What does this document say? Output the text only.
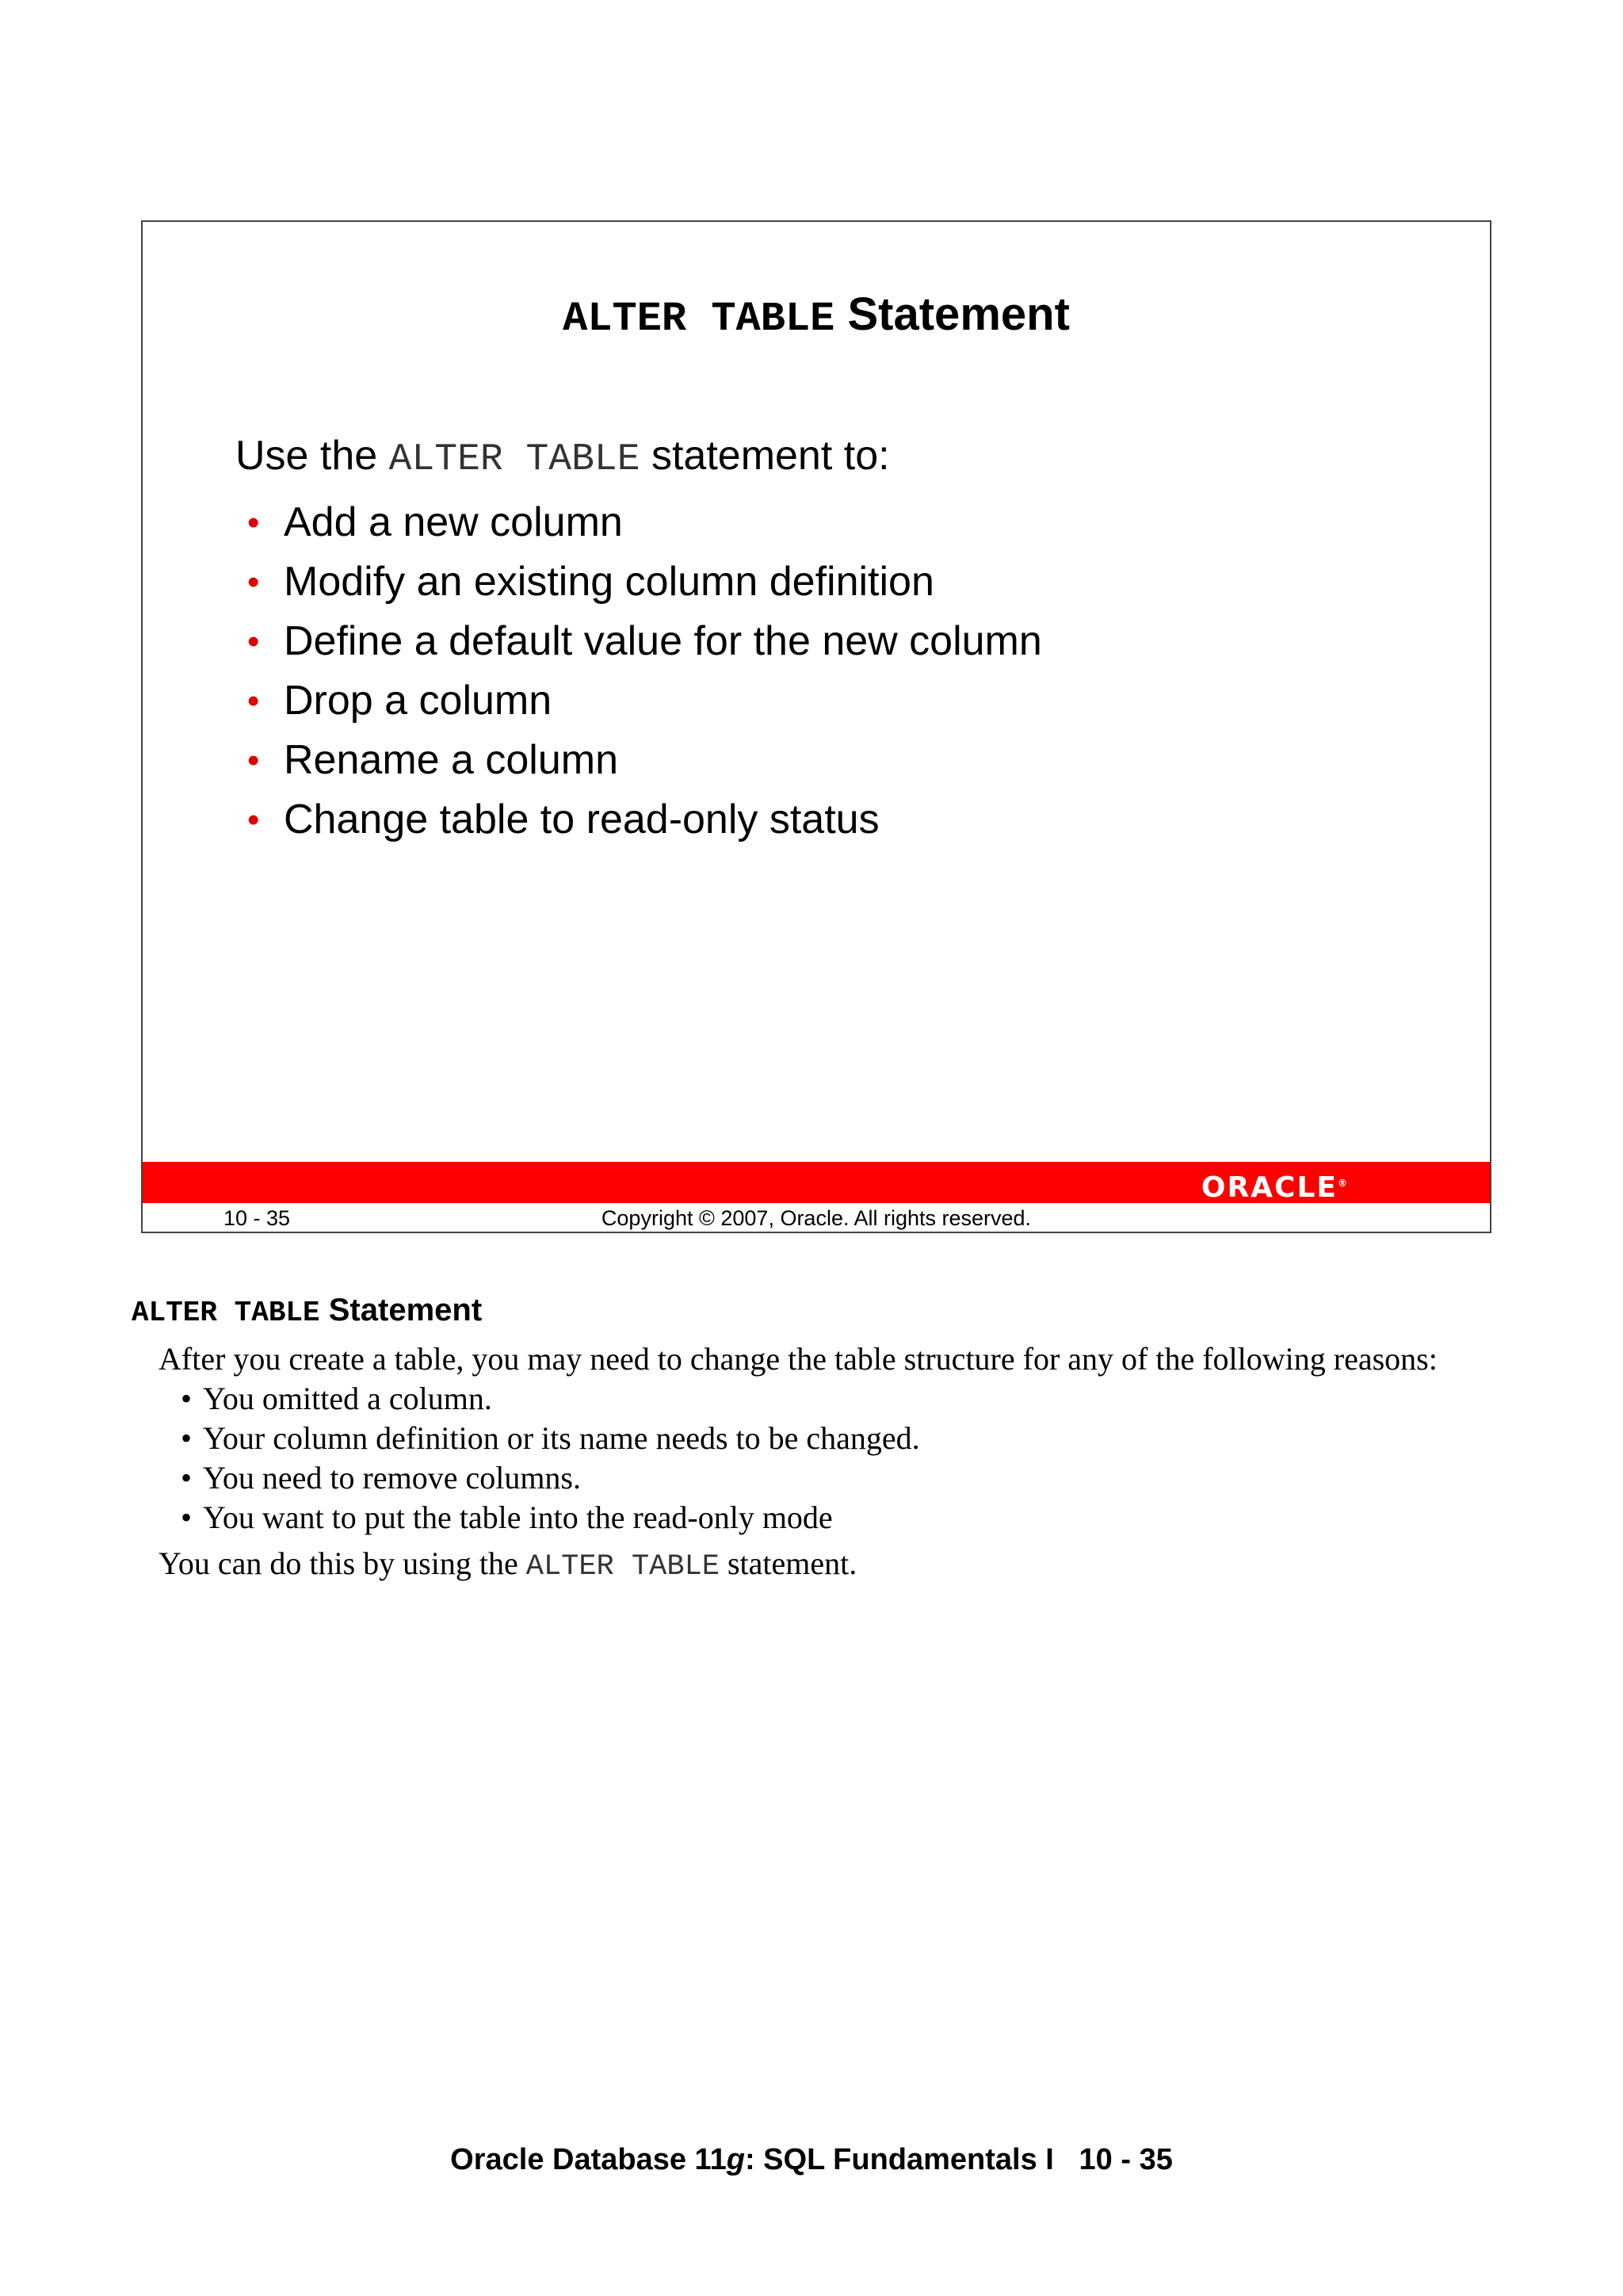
ALTER TABLE Statement
Use the ALTER TABLE statement to:
• Add a new column
• Modify an existing column definition
• Define a default value for the new column
• Drop a column
• Rename a column
• Change table to read-only status
ORACLE®
Copyright © 2007, Oracle. All rights reserved.
10 - 35
ALTER TABLE Statement
After you create a table, you may need to change the table structure for any of the following reasons:
• You omitted a column.
• Your column definition or its name needs to be changed.
• You need to remove columns.
• You want to put the table into the read-only mode
You can do this by using the ALTER TABLE statement.
Oracle Database 11g: SQL Fundamentals I   10 - 35
